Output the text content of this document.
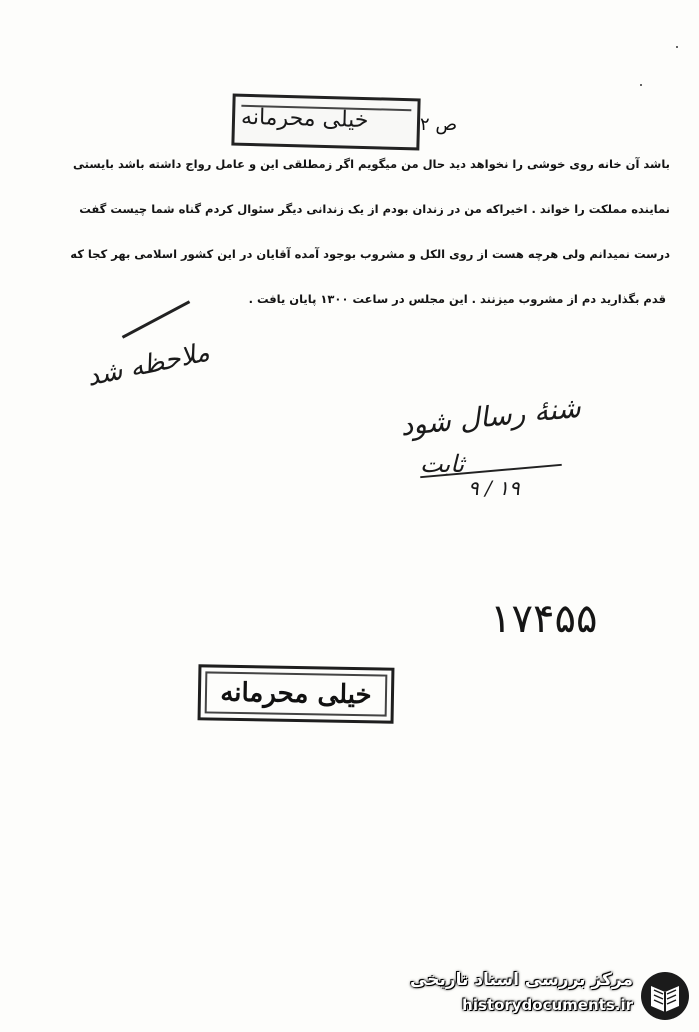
خیلی محرمانه	ص ۲
باشد آن خانه روی خوشی را نخواهد دید حال من میگویم اگر زمطلقی این و عامل رواج داشته باشد بایستی
نماینده مملکت را خواند . اخیراکه من در زندان بودم از یک زندانی دیگر سئوال کردم گناه شما چیست گفت
درست نمیدانم ولی هرچه هست از روی الکل و مشروب بوجود آمده آقایان در این کشور اسلامی بهر کجا که
قدم بگذارید دم از مشروب میزنند . این مجلس در ساعت ۱۳۰۰ پایان یافت .
ملاحظه شد
شنهٔ رسال شود
ثابت
۱۹ / ۹
۱۷۴۵۵
خیلی محرمانه
مرکز بررسی اسناد تاریخی
historydocuments.ir
